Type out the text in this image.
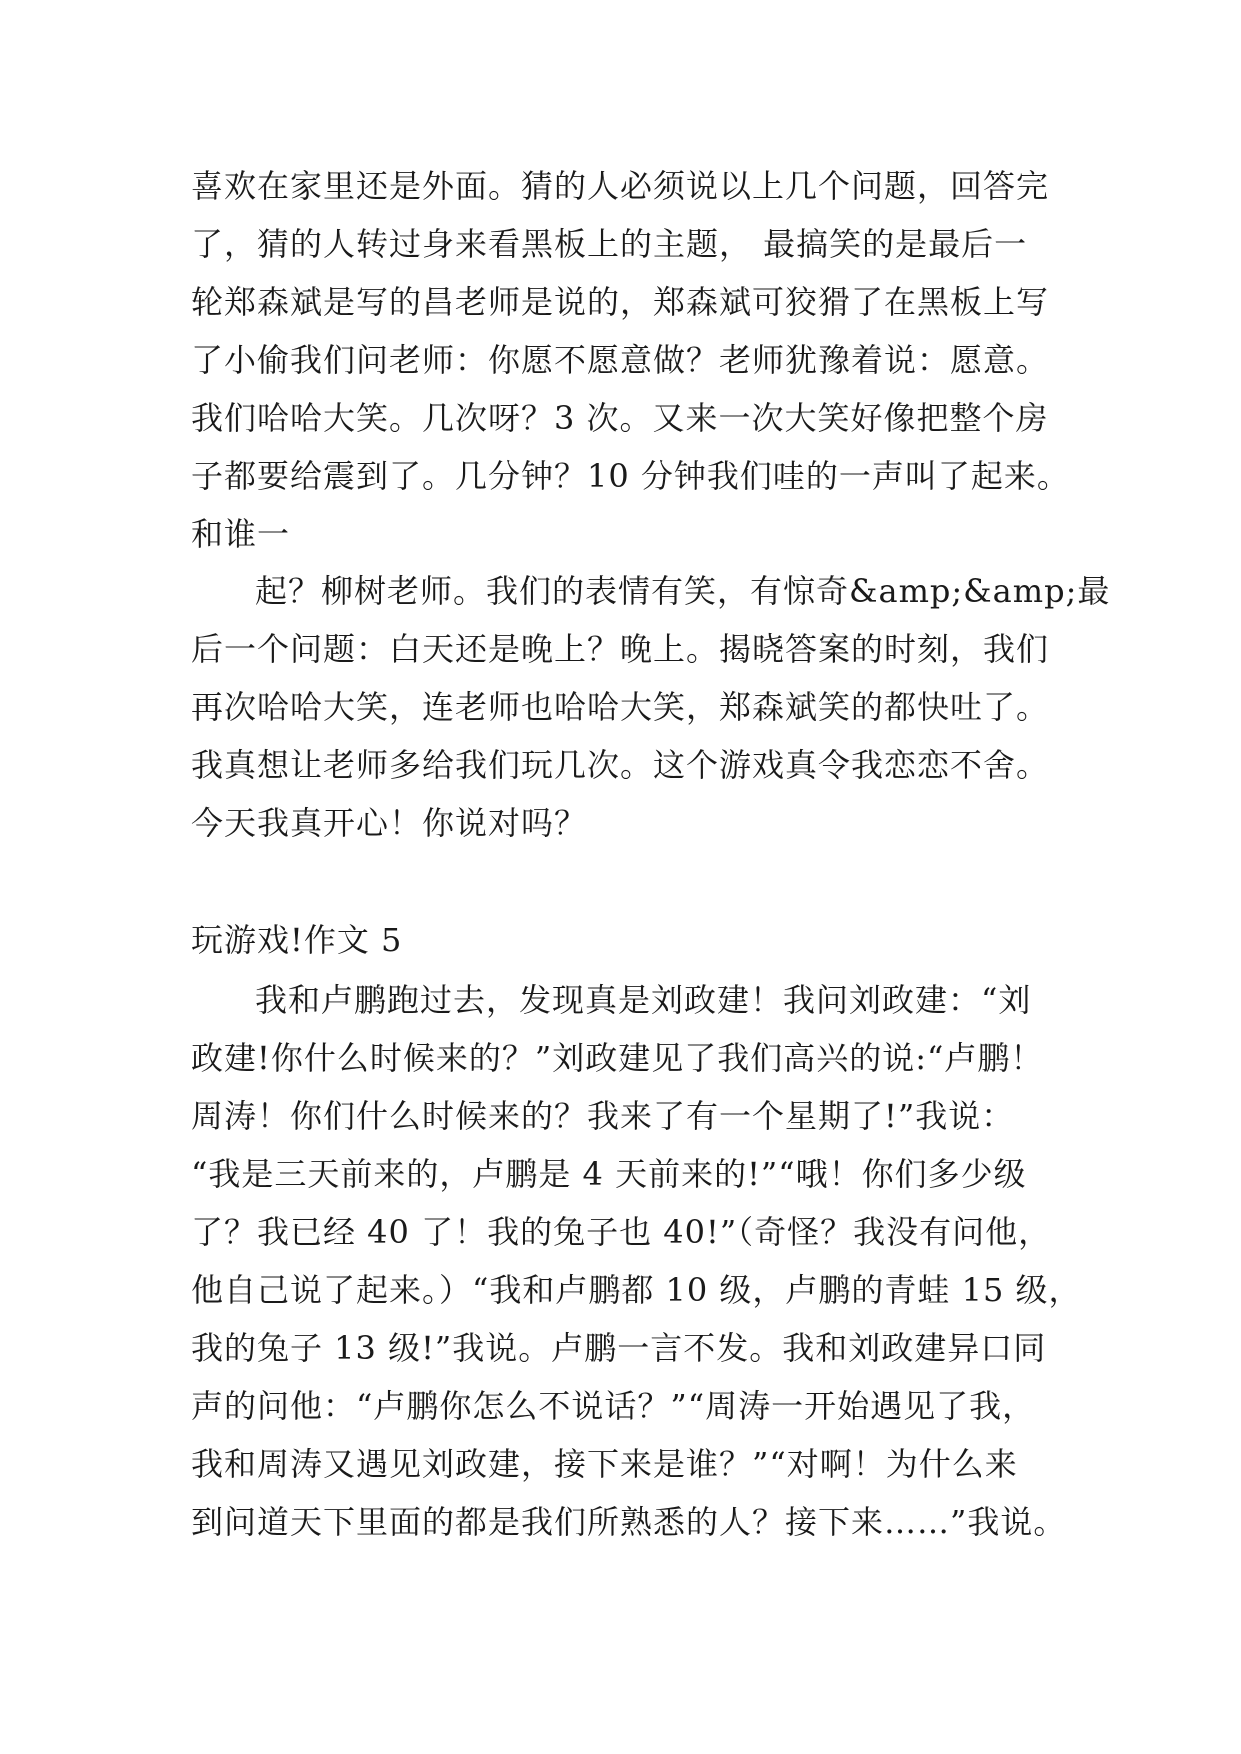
喜欢在家里还是外面。猜的人必须说以上几个问题，回答完
了，猜的人转过身来看黑板上的主题， 最搞笑的是最后一
轮郑森斌是写的昌老师是说的，郑森斌可狡猾了在黑板上写
了小偷我们问老师：你愿不愿意做？老师犹豫着说：愿意。
我们哈哈大笑。几次呀？3 次。又来一次大笑好像把整个房
子都要给震到了。几分钟？10 分钟我们哇的一声叫了起来。
和谁一
起？柳树老师。我们的表情有笑，有惊奇&amp;&amp;最
后一个问题：白天还是晚上？晚上。揭晓答案的时刻，我们
再次哈哈大笑，连老师也哈哈大笑，郑森斌笑的都快吐了。
我真想让老师多给我们玩几次。这个游戏真令我恋恋不舍。
今天我真开心！你说对吗？
玩游戏!作文 5
我和卢鹏跑过去，发现真是刘政建！我问刘政建：“刘
政建!你什么时候来的？”刘政建见了我们高兴的说:“卢鹏！
周涛！你们什么时候来的？我来了有一个星期了!”我说：
“我是三天前来的，卢鹏是 4 天前来的!”“哦！你们多少级
了？我已经 40 了！我的兔子也 40!”（奇怪？我没有问他，
他自己说了起来。）“我和卢鹏都 10 级，卢鹏的青蛙 15 级，
我的兔子 13 级!”我说。卢鹏一言不发。我和刘政建异口同
声的问他：“卢鹏你怎么不说话？”“周涛一开始遇见了我，
我和周涛又遇见刘政建，接下来是谁？”“对啊！为什么来
到问道天下里面的都是我们所熟悉的人？接下来……”我说。
